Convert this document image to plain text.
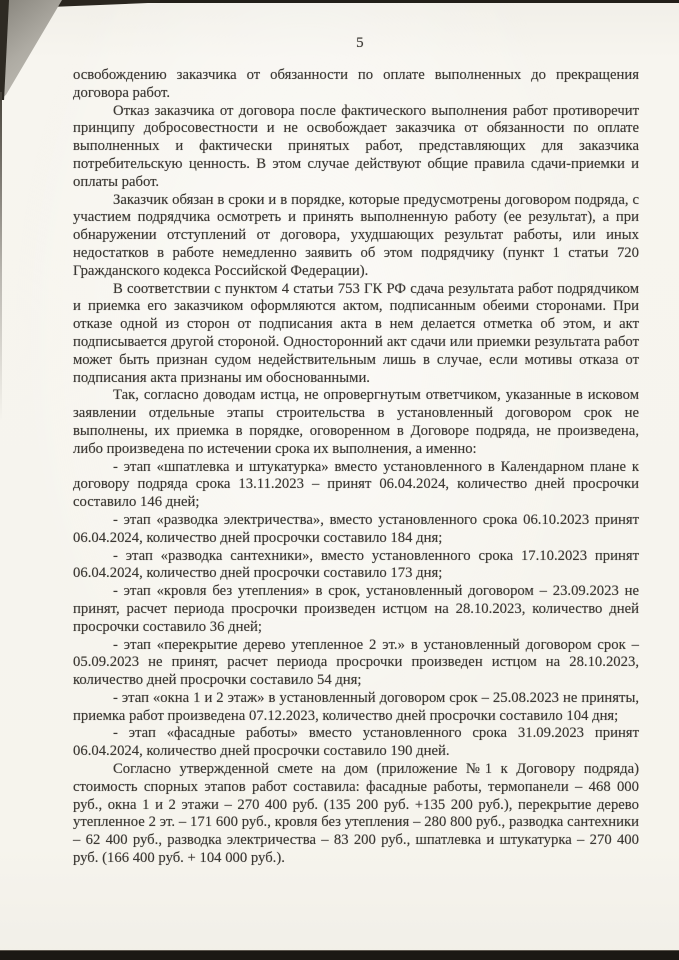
5

освобождению заказчика от обязанности по оплате выполненных до прекращения договора работ.

Отказ заказчика от договора после фактического выполнения работ противоречит принципу добросовестности и не освобождает заказчика от обязанности по оплате выполненных и фактически принятых работ, представляющих для заказчика потребительскую ценность. В этом случае действуют общие правила сдачи-приемки и оплаты работ.

Заказчик обязан в сроки и в порядке, которые предусмотрены договором подряда, с участием подрядчика осмотреть и принять выполненную работу (ее результат), а при обнаружении отступлений от договора, ухудшающих результат работы, или иных недостатков в работе немедленно заявить об этом подрядчику (пункт 1 статьи 720 Гражданского кодекса Российской Федерации).

В соответствии с пунктом 4 статьи 753 ГК РФ сдача результата работ подрядчиком и приемка его заказчиком оформляются актом, подписанным обеими сторонами. При отказе одной из сторон от подписания акта в нем делается отметка об этом, и акт подписывается другой стороной. Односторонний акт сдачи или приемки результата работ может быть признан судом недействительным лишь в случае, если мотивы отказа от подписания акта признаны им обоснованными.

Так, согласно доводам истца, не опровергнутым ответчиком, указанные в исковом заявлении отдельные этапы строительства в установленный договором срок не выполнены, их приемка в порядке, оговоренном в Договоре подряда, не произведена, либо произведена по истечении срока их выполнения, а именно:

- этап «шпатлевка и штукатурка» вместо установленного в Календарном плане к договору подряда срока 13.11.2023 – принят 06.04.2024, количество дней просрочки составило 146 дней;

- этап «разводка электричества», вместо установленного срока 06.10.2023 принят 06.04.2024, количество дней просрочки составило 184 дня;

- этап «разводка сантехники», вместо установленного срока 17.10.2023 принят 06.04.2024, количество дней просрочки составило 173 дня;

- этап «кровля без утепления» в срок, установленный договором – 23.09.2023 не принят, расчет периода просрочки произведен истцом на 28.10.2023, количество дней просрочки составило 36 дней;

- этап «перекрытие дерево утепленное 2 эт.» в установленный договором срок – 05.09.2023 не принят, расчет периода просрочки произведен истцом на 28.10.2023, количество дней просрочки составило 54 дня;

- этап «окна 1 и 2 этаж» в установленный договором срок – 25.08.2023 не приняты, приемка работ произведена 07.12.2023, количество дней просрочки составило 104 дня;

- этап «фасадные работы» вместо установленного срока 31.09.2023 принят 06.04.2024, количество дней просрочки составило 190 дней.

Согласно утвержденной смете на дом (приложение №1 к Договору подряда) стоимость спорных этапов работ составила: фасадные работы, термопанели – 468 000 руб., окна 1 и 2 этажи – 270 400 руб. (135 200 руб. +135 200 руб.), перекрытие дерево утепленное 2 эт. – 171 600 руб., кровля без утепления – 280 800 руб., разводка сантехники – 62 400 руб., разводка электричества – 83 200 руб., шпатлевка и штукатурка – 270 400 руб. (166 400 руб. + 104 000 руб.).
